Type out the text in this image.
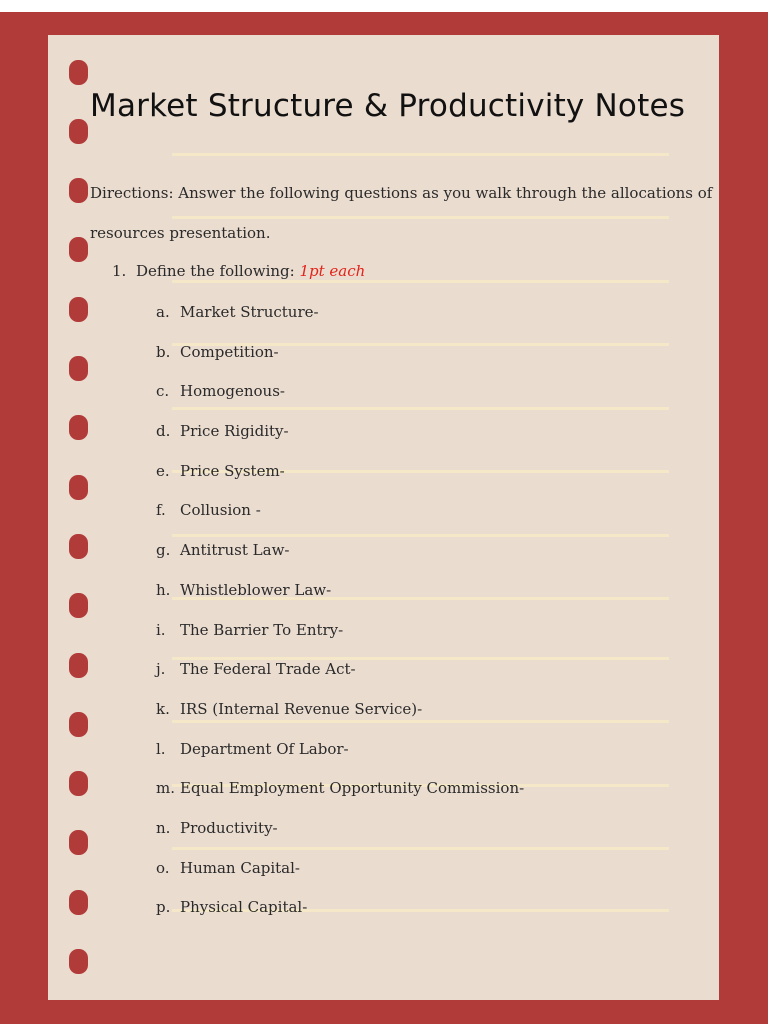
Market Structure & Productivity Notes
Directions: Answer the following questions as you walk through the allocations of
resources presentation.
1. Define the following: 1pt each
a. Market Structure-
b. Competition-
c. Homogenous-
d. Price Rigidity-
e. Price System-
f. Collusion -
g. Antitrust Law-
h. Whistleblower Law-
i. The Barrier To Entry-
j. The Federal Trade Act-
k. IRS (Internal Revenue Service)-
l. Department Of Labor-
m. Equal Employment Opportunity Commission-
n. Productivity-
o. Human Capital-
p. Physical Capital-
